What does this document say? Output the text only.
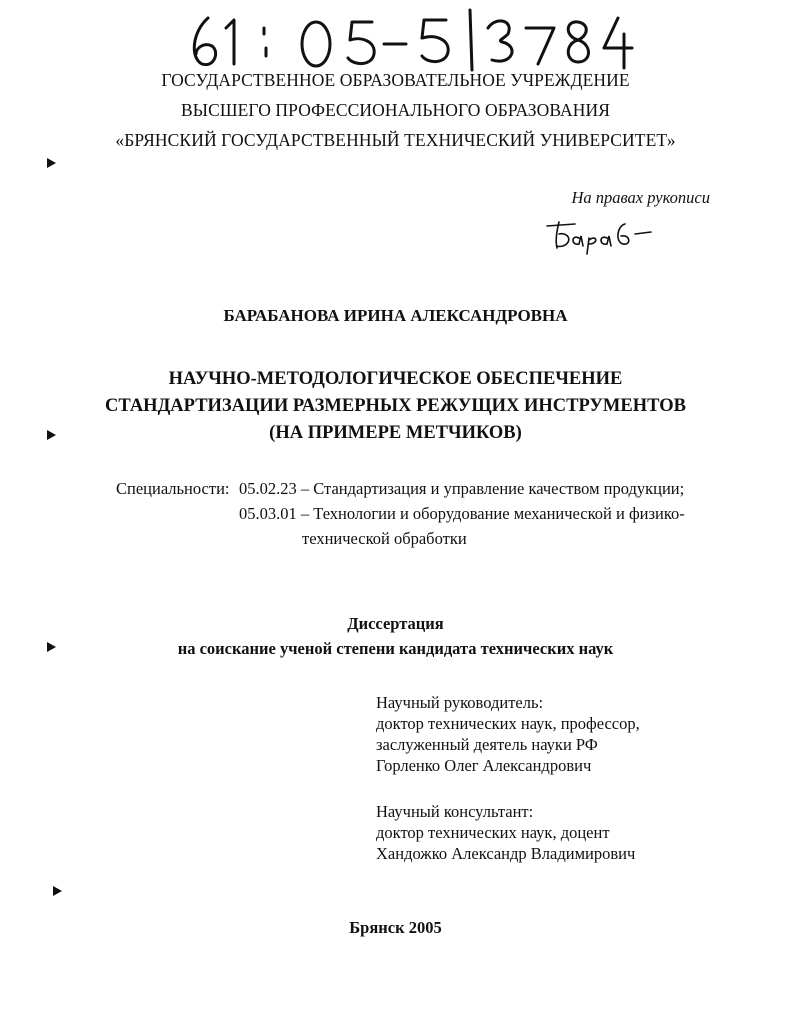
ГОСУДАРСТВЕННОЕ ОБРАЗОВАТЕЛЬНОЕ УЧРЕЖДЕНИЕ
ВЫСШЕГО ПРОФЕССИОНАЛЬНОГО ОБРАЗОВАНИЯ
«БРЯНСКИЙ ГОСУДАРСТВЕННЫЙ ТЕХНИЧЕСКИЙ УНИВЕРСИТЕТ»
На правах рукописи
БАРАБАНОВА ИРИНА АЛЕКСАНДРОВНА
НАУЧНО-МЕТОДОЛОГИЧЕСКОЕ ОБЕСПЕЧЕНИЕ
СТАНДАРТИЗАЦИИ РАЗМЕРНЫХ РЕЖУЩИХ ИНСТРУМЕНТОВ
(НА ПРИМЕРЕ МЕТЧИКОВ)
Специальности: 05.02.23 – Стандартизация и управление качеством продукции;
05.03.01 – Технологии и оборудование механической и физико-
технической обработки
Диссертация
на соискание ученой степени кандидата технических наук
Научный руководитель:
доктор технических наук, профессор,
заслуженный деятель науки РФ
Горленко Олег Александрович
Научный консультант:
доктор технических наук, доцент
Хандожко Александр Владимирович
Брянск 2005
